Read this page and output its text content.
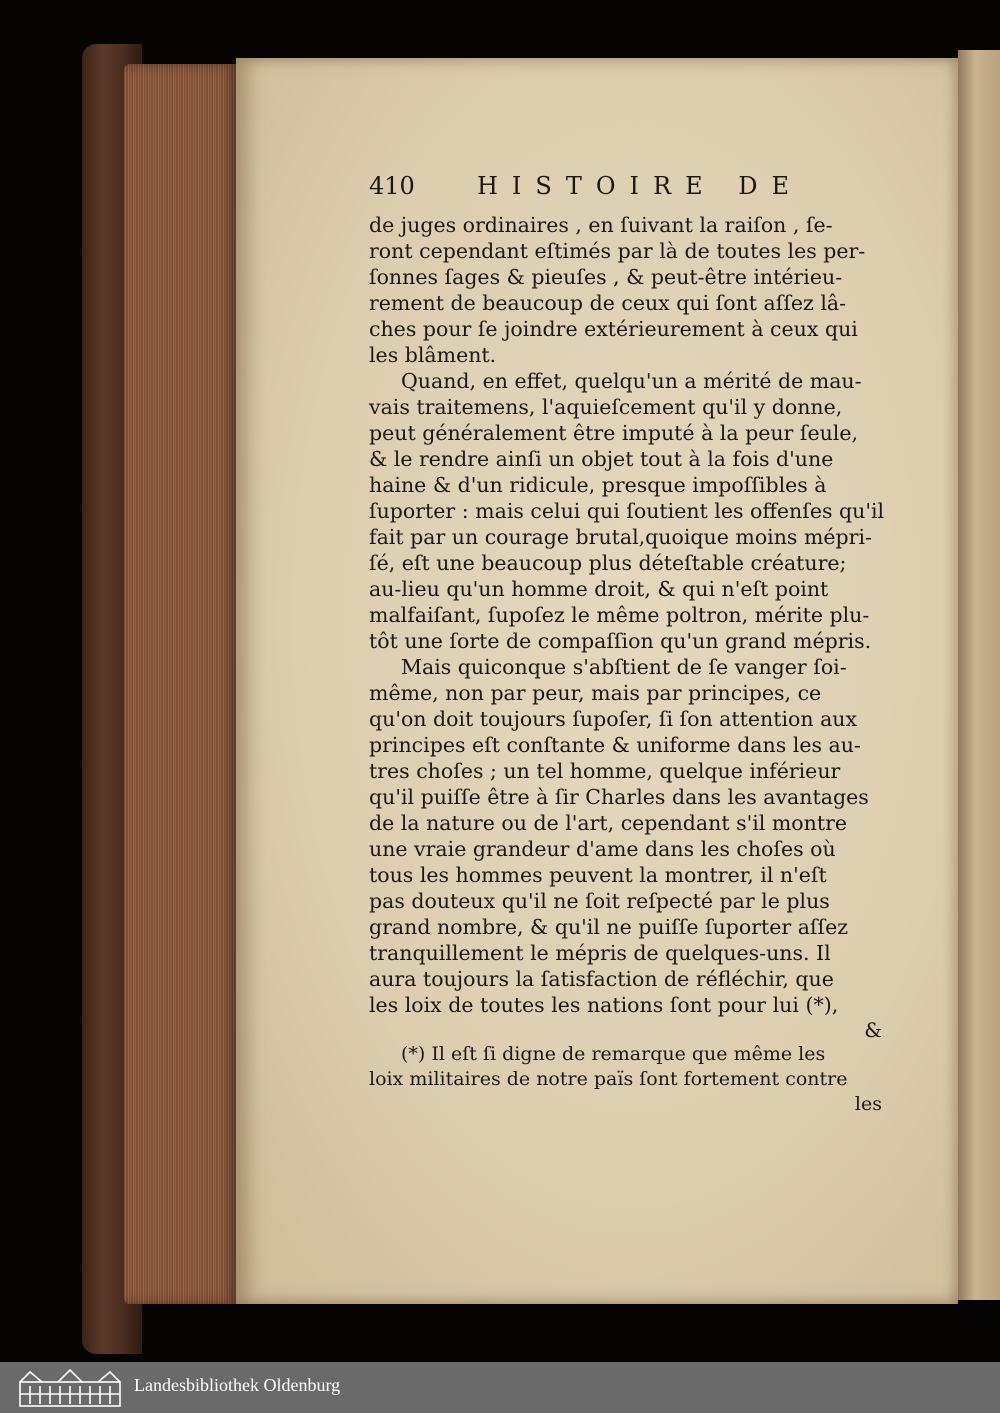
410	HISTOIRE DE
de juges ordinaires , en ſuivant la raiſon , ſe-
ront cependant eſtimés par là de toutes les per-
ſonnes ſages & pieuſes , & peut-être intérieu-
rement de beaucoup de ceux qui ſont aſſez lâ-
ches pour ſe joindre extérieurement à ceux qui
les blâment.
Quand, en effet, quelqu'un a mérité de mau-
vais traitemens, l'aquieſcement qu'il y donne,
peut généralement être imputé à la peur ſeule,
& le rendre ainſi un objet tout à la fois d'une
haine & d'un ridicule, presque impoſſibles à
ſuporter : mais celui qui ſoutient les offenſes qu'il
fait par un courage brutal,quoique moins mépri-
ſé, eſt une beaucoup plus déteſtable créature;
au-lieu qu'un homme droit, & qui n'eſt point
malfaiſant, ſupoſez le même poltron, mérite plu-
tôt une ſorte de compaſſion qu'un grand mépris.
Mais quiconque s'abſtient de ſe vanger ſoi-
même, non par peur, mais par principes, ce
qu'on doit toujours ſupoſer, ſi ſon attention aux
principes eſt conſtante & uniforme dans les au-
tres choſes ; un tel homme, quelque inférieur
qu'il puiſſe être à ſir Charles dans les avantages
de la nature ou de l'art, cependant s'il montre
une vraie grandeur d'ame dans les choſes où
tous les hommes peuvent la montrer, il n'eſt
pas douteux qu'il ne ſoit reſpecté par le plus
grand nombre, & qu'il ne puiſſe ſuporter aſſez
tranquillement le mépris de quelques-uns. Il
aura toujours la ſatisfaction de réfléchir, que
les loix de toutes les nations ſont pour lui (*),
&
(*) Il eſt ſi digne de remarque que même les
loix militaires de notre païs ſont fortement contre
les
Landesbibliothek Oldenburg
